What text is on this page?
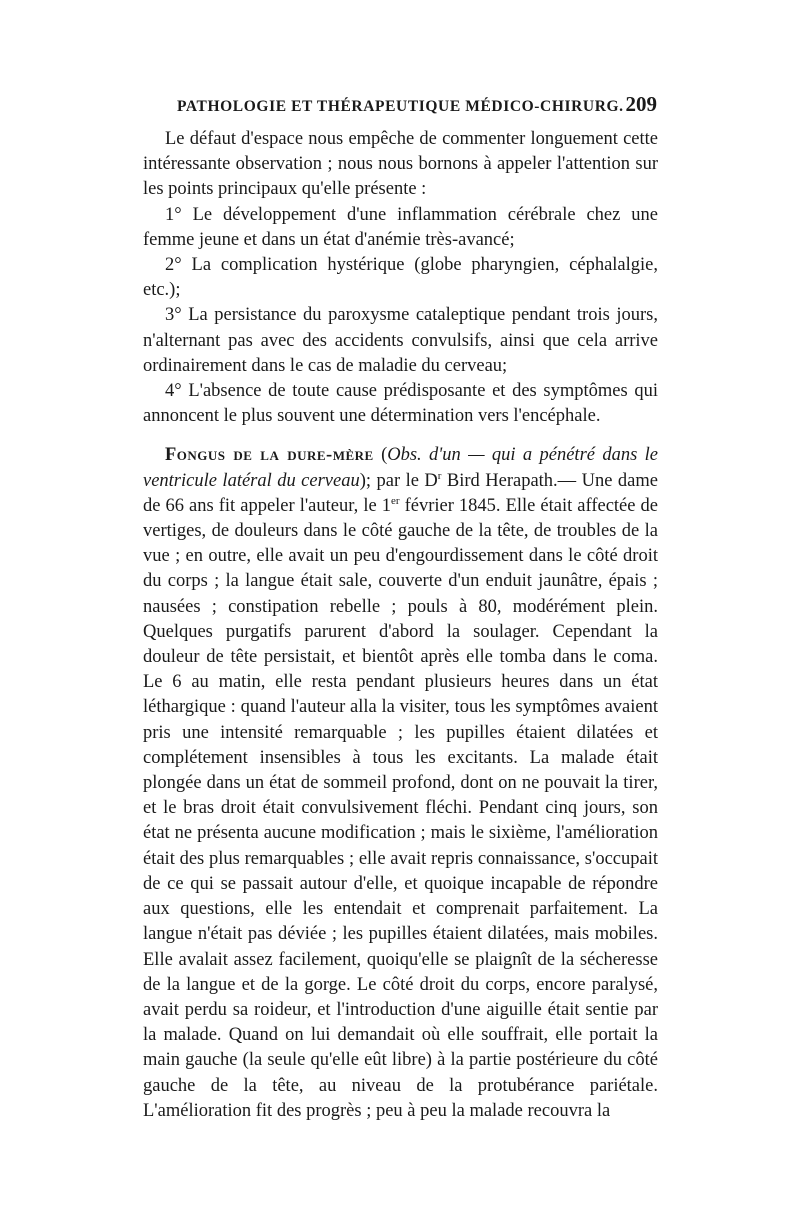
PATHOLOGIE ET THÉRAPEUTIQUE MÉDICO-CHIRURG. 209

Le défaut d'espace nous empêche de commenter longuement cette intéressante observation ; nous nous bornons à appeler l'attention sur les points principaux qu'elle présente :

1° Le développement d'une inflammation cérébrale chez une femme jeune et dans un état d'anémie très-avancé;

2° La complication hystérique (globe pharyngien, céphalalgie, etc.);

3° La persistance du paroxysme cataleptique pendant trois jours, n'alternant pas avec des accidents convulsifs, ainsi que cela arrive ordinairement dans le cas de maladie du cerveau;

4° L'absence de toute cause prédisposante et des symptômes qui annoncent le plus souvent une détermination vers l'encéphale.

Fongus de la dure-mère (Obs. d'un — qui a pénétré dans le ventricule latéral du cerveau); par le $D^r$ Bird Herapath.— Une dame de 66 ans fit appeler l'auteur, le 1er février 1845. Elle était affectée de vertiges, de douleurs dans le côté gauche de la tête, de troubles de la vue ; en outre, elle avait un peu d'engourdissement dans le côté droit du corps ; la langue était sale, couverte d'un enduit jaunâtre, épais ; nausées ; constipation rebelle ; pouls à 80, modérément plein. Quelques purgatifs parurent d'abord la soulager. Cependant la douleur de tête persistait, et bientôt après elle tomba dans le coma. Le 6 au matin, elle resta pendant plusieurs heures dans un état léthargique : quand l'auteur alla la visiter, tous les symptômes avaient pris une intensité remarquable ; les pupilles étaient dilatées et complétement insensibles à tous les excitants. La malade était plongée dans un état de sommeil profond, dont on ne pouvait la tirer, et le bras droit était convulsivement fléchi. Pendant cinq jours, son état ne présenta aucune modification ; mais le sixième, l'amélioration était des plus remarquables ; elle avait repris connaissance, s'occupait de ce qui se passait autour d'elle, et quoique incapable de répondre aux questions, elle les entendait et comprenait parfaitement. La langue n'était pas déviée ; les pupilles étaient dilatées, mais mobiles. Elle avalait assez facilement, quoiqu'elle se plaignît de la sécheresse de la langue et de la gorge. Le côté droit du corps, encore paralysé, avait perdu sa roideur, et l'introduction d'une aiguille était sentie par la malade. Quand on lui demandait où elle souffrait, elle portait la main gauche (la seule qu'elle eût libre) à la partie postérieure du côté gauche de la tête, au niveau de la protubérance pariétale. L'amélioration fit des progrès ; peu à peu la malade recouvra la
